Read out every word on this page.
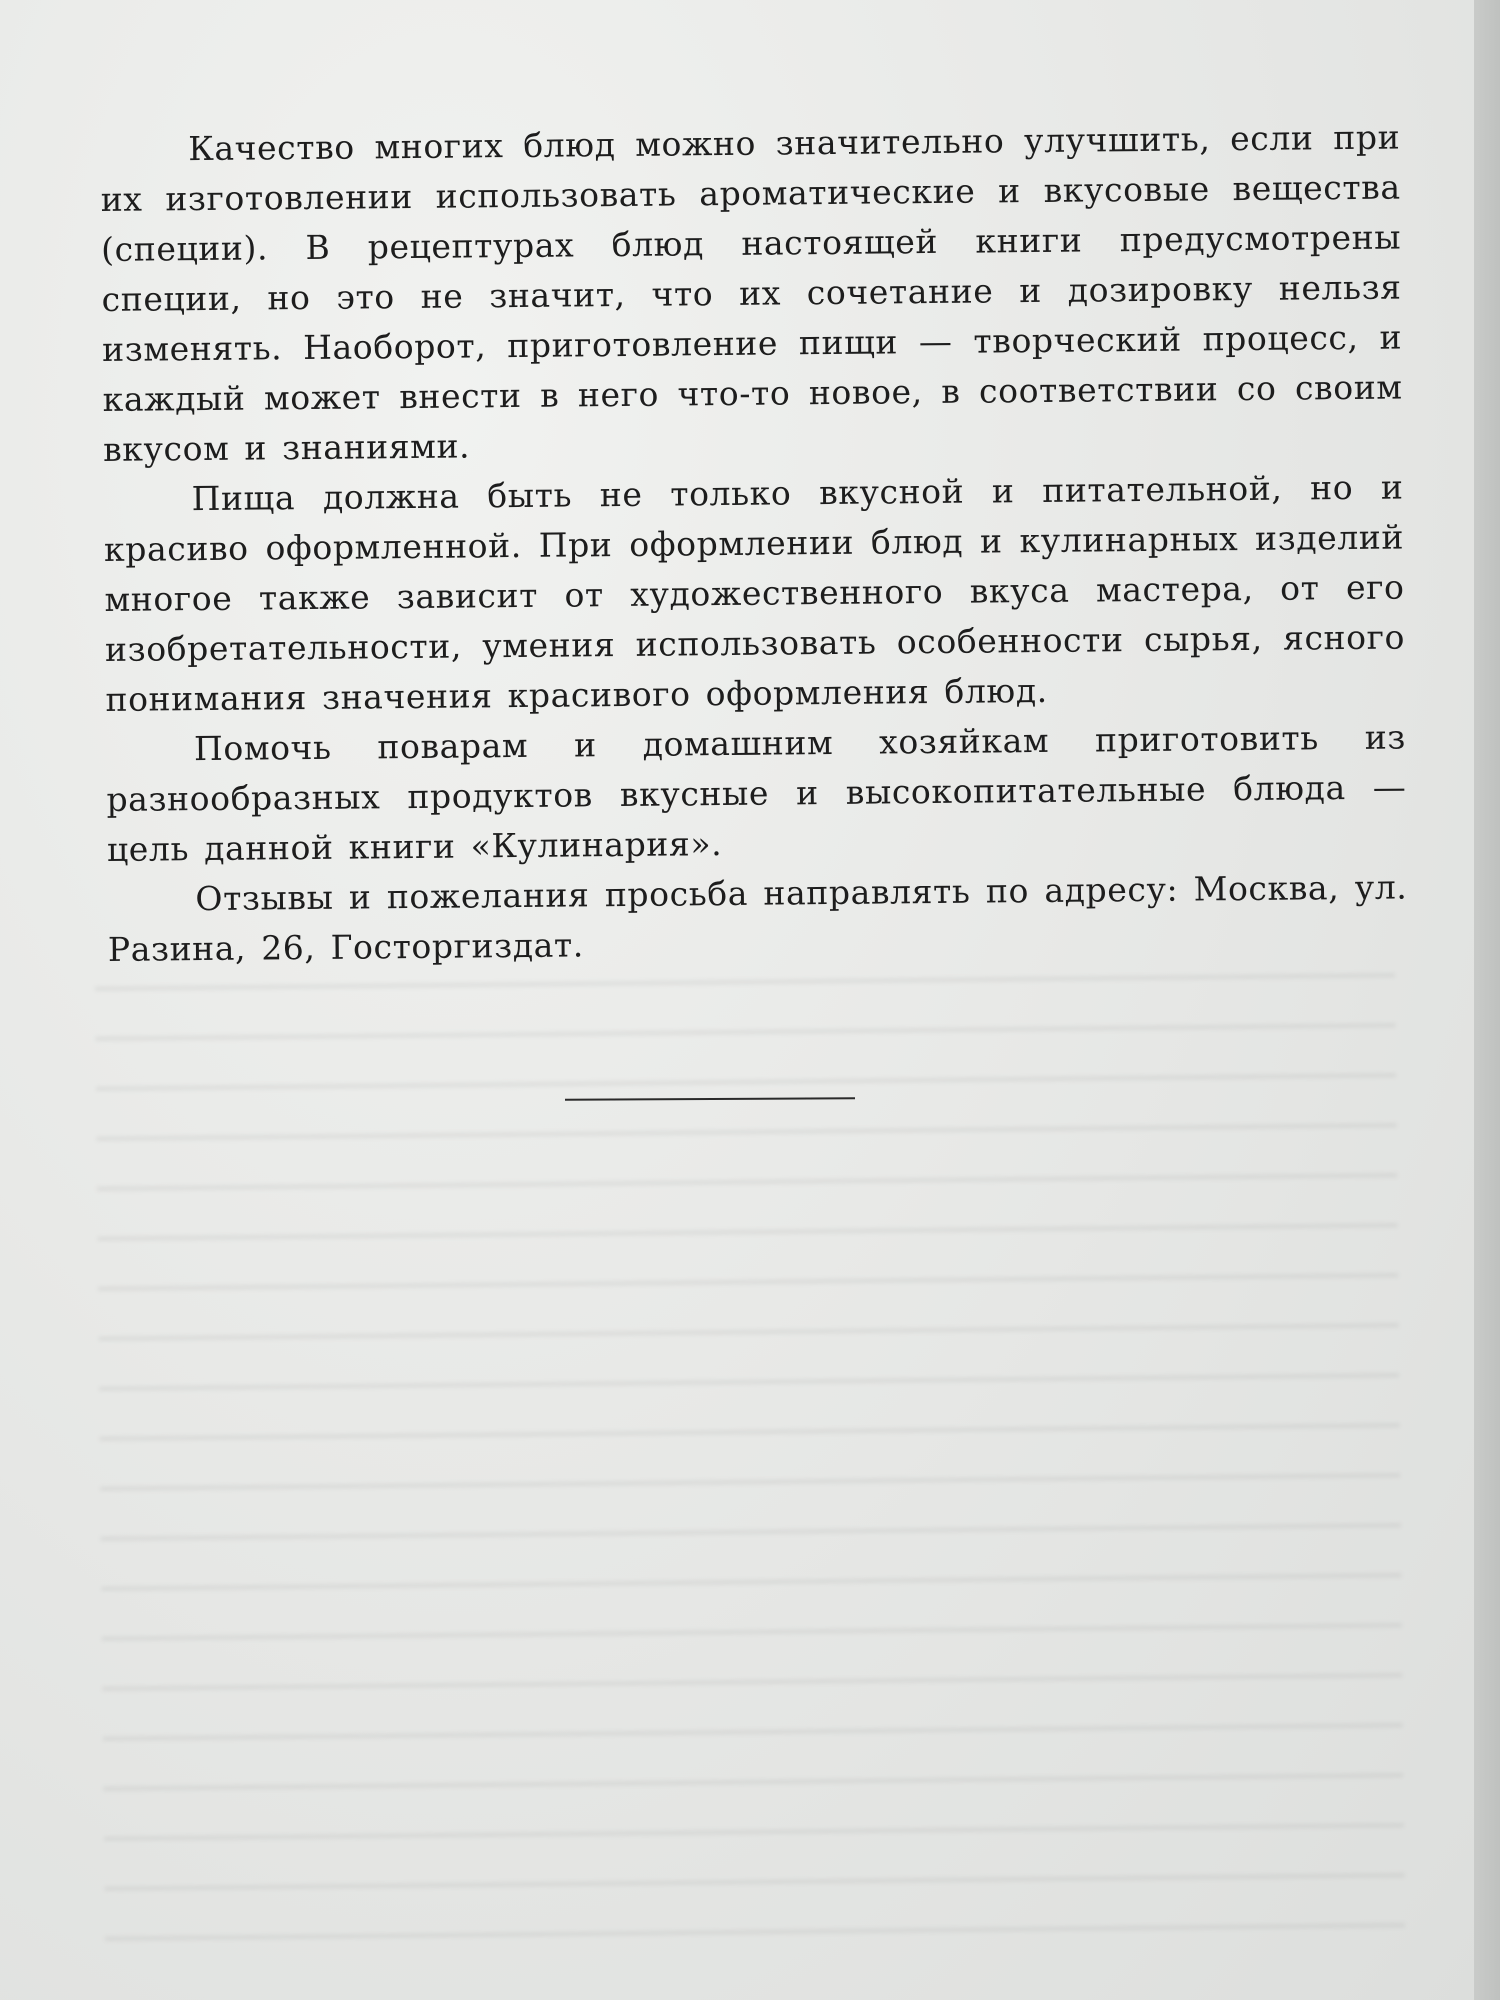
Качество многих блюд можно значительно улучшить, если при их изготовлении использовать ароматические и вкусовые вещества (специи). В рецептурах блюд настоящей книги предусмотрены специи, но это не значит, что их сочетание и дозировку нельзя изменять. Наоборот, приготовление пищи — творческий процесс, и каждый может внести в него что-то новое, в соответствии со своим вкусом и знаниями.

Пища должна быть не только вкусной и питательной, но и красиво оформленной. При оформлении блюд и кулинарных изделий многое также зависит от художественного вкуса мастера, от его изобретательности, умения использовать особенности сырья, ясного понимания значения красивого оформления блюд.

Помочь поварам и домашним хозяйкам приготовить из разнообразных продуктов вкусные и высокопитательные блюда — цель данной книги «Кулинария».

Отзывы и пожелания просьба направлять по адресу: Москва, ул. Разина, 26, Госторгиздат.
